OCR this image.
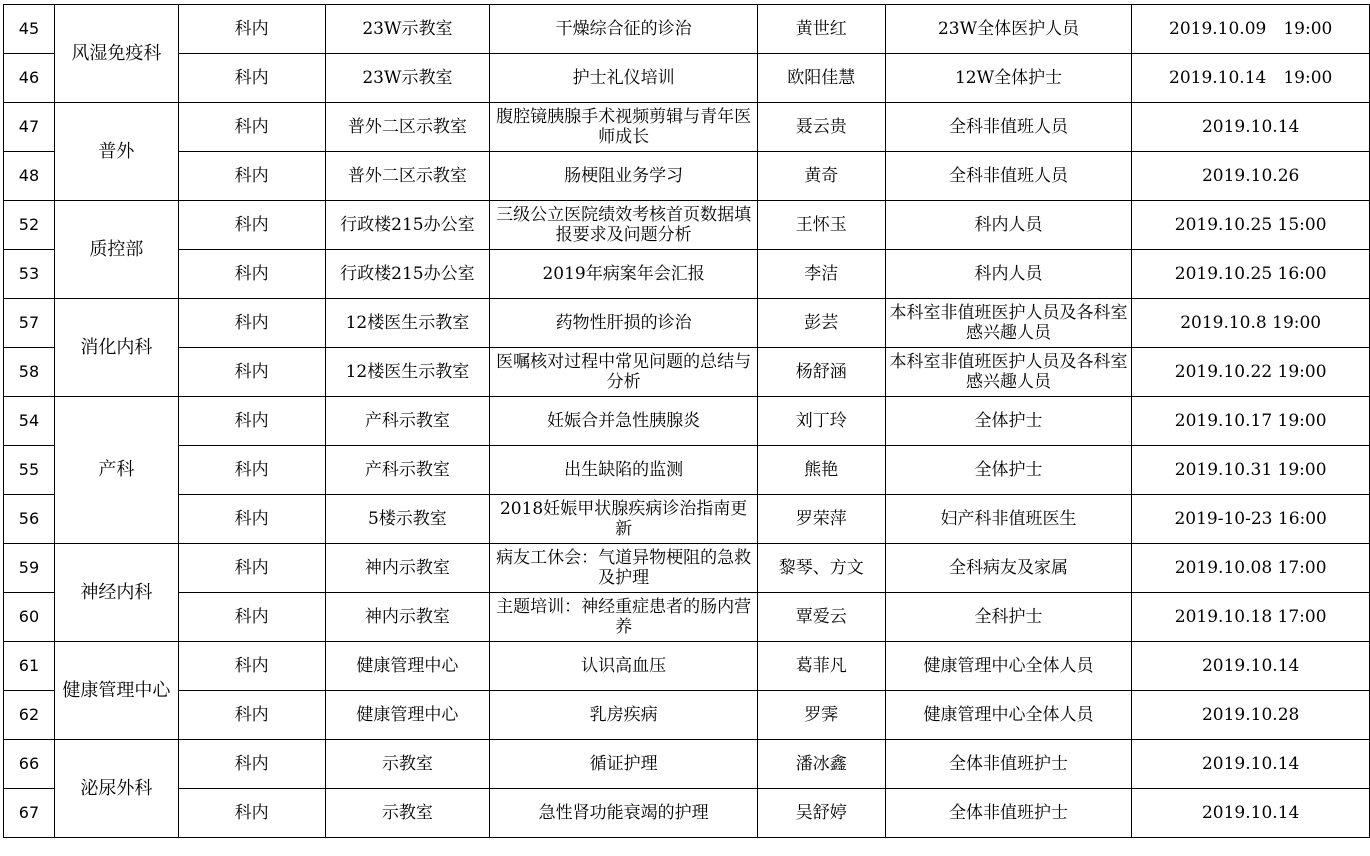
45	风湿免疫科	科内	23W示教室	干燥综合征的诊治	黄世红	23W全体医护人员	2019.10.09　19:00
46		科内	23W示教室	护士礼仪培训	欧阳佳慧	12W全体护士	2019.10.14　19:00
47	普外	科内	普外二区示教室	腹腔镜胰腺手术视频剪辑与青年医师成长	聂云贵	全科非值班人员	2019.10.14
48		科内	普外二区示教室	肠梗阻业务学习	黄奇	全科非值班人员	2019.10.26
52	质控部	科内	行政楼215办公室	三级公立医院绩效考核首页数据填报要求及问题分析	王怀玉	科内人员	2019.10.25 15:00
53		科内	行政楼215办公室	2019年病案年会汇报	李洁	科内人员	2019.10.25 16:00
57	消化内科	科内	12楼医生示教室	药物性肝损的诊治	彭芸	本科室非值班医护人员及各科室感兴趣人员	2019.10.8 19:00
58		科内	12楼医生示教室	医嘱核对过程中常见问题的总结与分析	杨舒涵	本科室非值班医护人员及各科室感兴趣人员	2019.10.22 19:00
54	产科	科内	产科示教室	妊娠合并急性胰腺炎	刘丁玲	全体护士	2019.10.17 19:00
55		科内	产科示教室	出生缺陷的监测	熊艳	全体护士	2019.10.31 19:00
56		科内	5楼示教室	2018妊娠甲状腺疾病诊治指南更新	罗荣萍	妇产科非值班医生	2019-10-23 16:00
59	神经内科	科内	神内示教室	病友工休会：气道异物梗阻的急救及护理	黎琴、方文	全科病友及家属	2019.10.08 17:00
60		科内	神内示教室	主题培训：神经重症患者的肠内营养	覃爱云	全科护士	2019.10.18 17:00
61	健康管理中心	科内	健康管理中心	认识高血压	葛菲凡	健康管理中心全体人员	2019.10.14
62		科内	健康管理中心	乳房疾病	罗霁	健康管理中心全体人员	2019.10.28
66	泌尿外科	科内	示教室	循证护理	潘冰鑫	全体非值班护士	2019.10.14
67		科内	示教室	急性肾功能衰竭的护理	吴舒婷	全体非值班护士	2019.10.14
